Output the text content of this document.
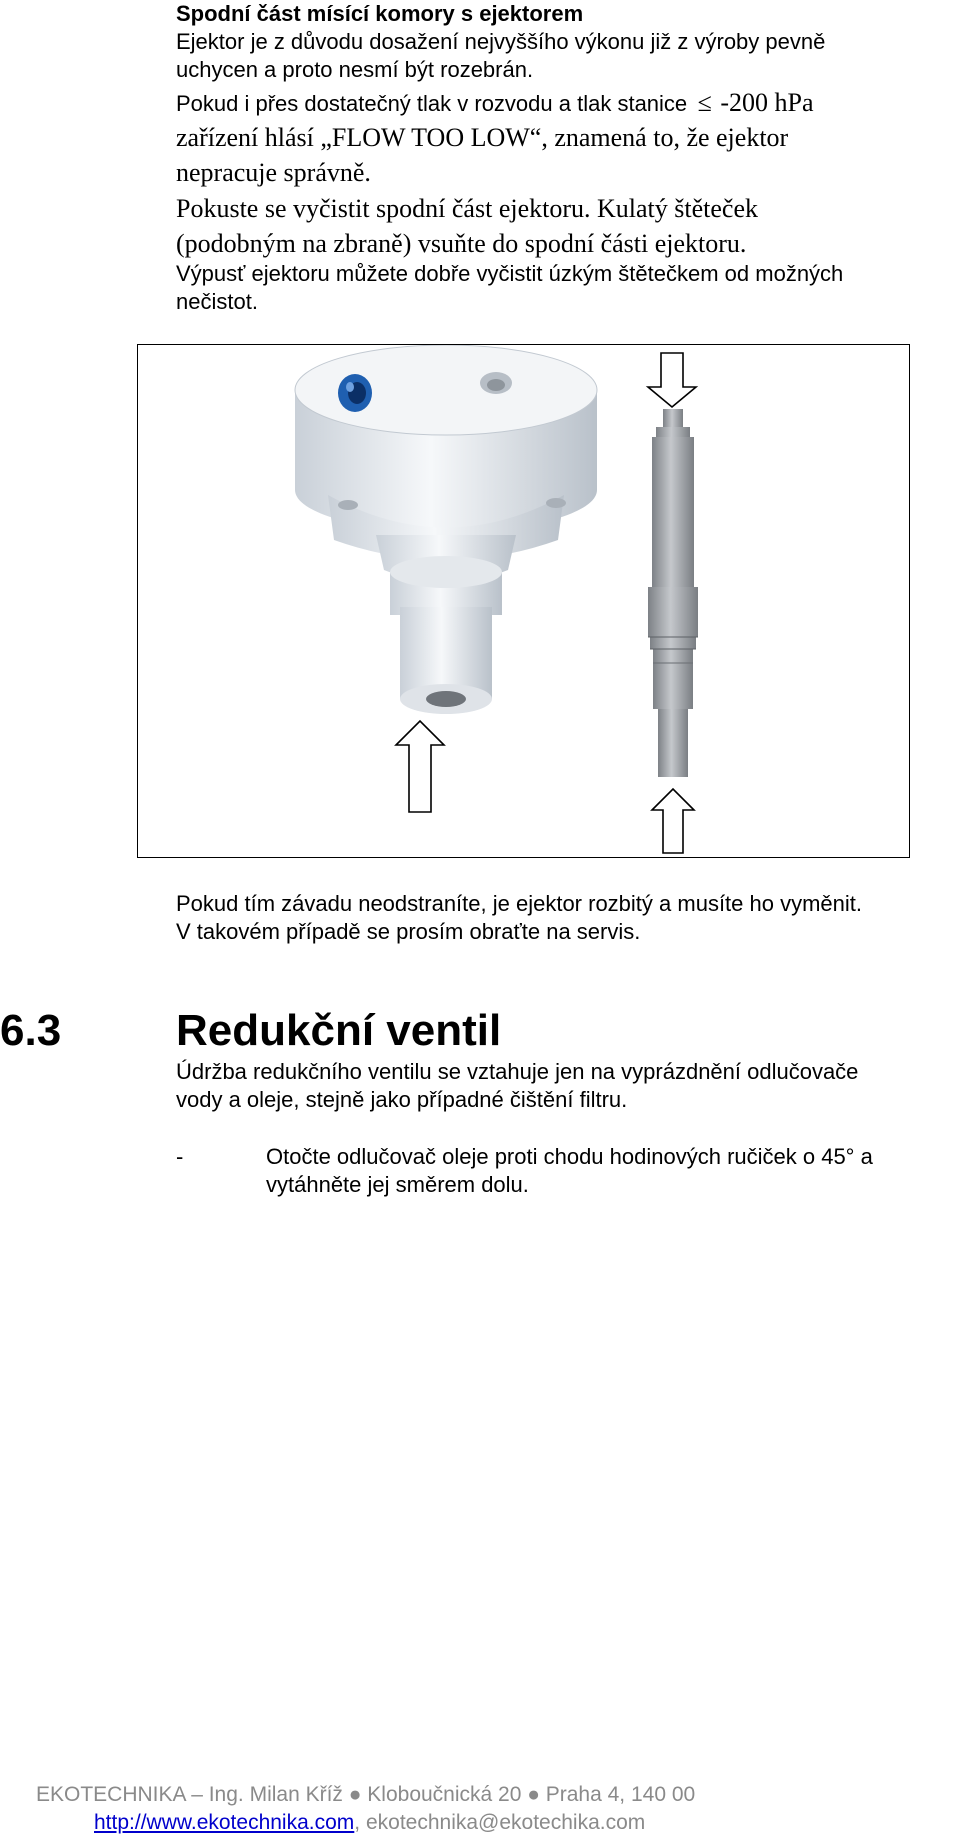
Spodní část mísící komory s ejektorem
Ejektor je z důvodu dosažení nejvyššího výkonu již z výroby pevně
uchycen a proto nesmí být rozebrán.
Pokud i přes dostatečný tlak v rozvodu a tlak stanice ≤ -200 hPa
zařízení hlásí „FLOW TOO LOW“, znamená to, že ejektor
nepracuje správně.
Pokuste se vyčistit spodní část ejektoru. Kulatý štěteček
(podobným na zbraně) vsuňte do spodní části ejektoru.
Výpusť ejektoru můžete dobře vyčistit úzkým štětečkem od možných
nečistot.
Pokud tím závadu neodstraníte, je ejektor rozbitý a musíte ho vyměnit.
V takovém případě se prosím obraťte na servis.
6.3	Redukční ventil
Údržba redukčního ventilu se vztahuje jen na vyprázdnění odlučovače
vody a oleje, stejně jako případné čištění filtru.
-	Otočte odlučovač oleje proti chodu hodinových ručiček o 45° a
vytáhněte jej směrem dolu.
EKOTECHNIKA – Ing. Milan Kříž ● Kloboučnická 20 ● Praha 4, 140 00
http://www.ekotechnika.com, ekotechnika@ekotechika.com
